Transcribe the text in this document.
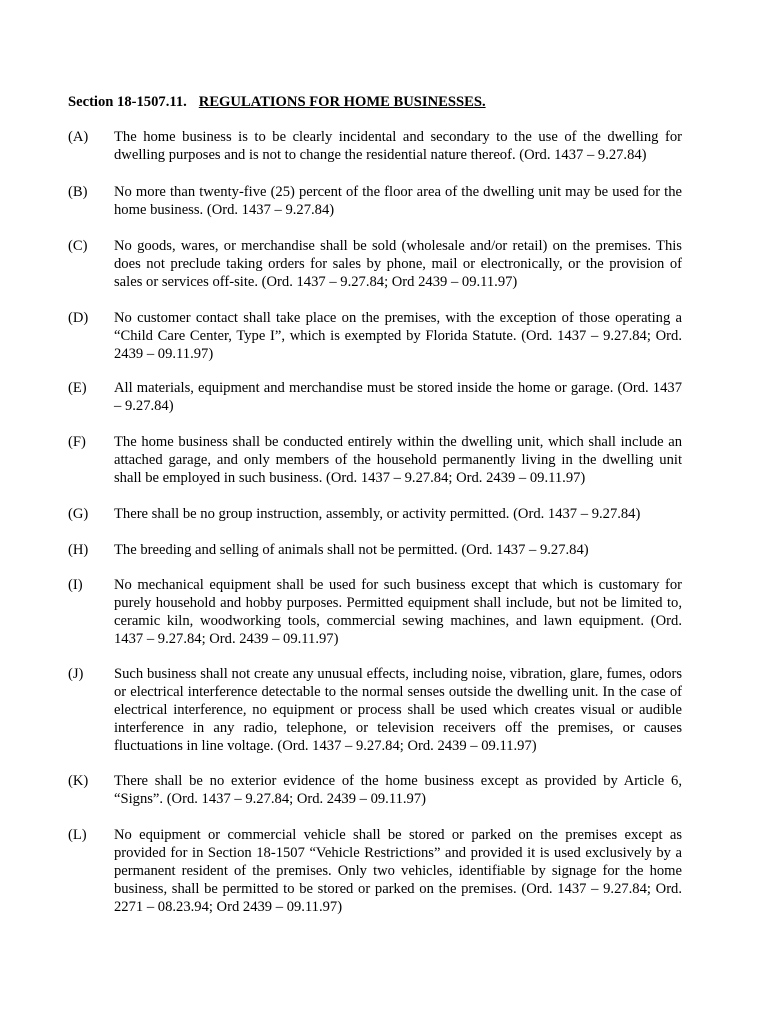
Section 18-1507.11. REGULATIONS FOR HOME BUSINESSES.
(A)	The home business is to be clearly incidental and secondary to the use of the dwelling for dwelling purposes and is not to change the residential nature thereof. (Ord. 1437 – 9.27.84)
(B)	No more than twenty-five (25) percent of the floor area of the dwelling unit may be used for the home business. (Ord. 1437 – 9.27.84)
(C)	No goods, wares, or merchandise shall be sold (wholesale and/or retail) on the premises. This does not preclude taking orders for sales by phone, mail or electronically, or the provision of sales or services off-site. (Ord. 1437 – 9.27.84; Ord 2439 – 09.11.97)
(D)	No customer contact shall take place on the premises, with the exception of those operating a “Child Care Center, Type I”, which is exempted by Florida Statute. (Ord. 1437 – 9.27.84; Ord. 2439 – 09.11.97)
(E)	All materials, equipment and merchandise must be stored inside the home or garage. (Ord. 1437 – 9.27.84)
(F)	The home business shall be conducted entirely within the dwelling unit, which shall include an attached garage, and only members of the household permanently living in the dwelling unit shall be employed in such business. (Ord. 1437 – 9.27.84; Ord. 2439 – 09.11.97)
(G)	There shall be no group instruction, assembly, or activity permitted. (Ord. 1437 – 9.27.84)
(H)	The breeding and selling of animals shall not be permitted. (Ord. 1437 – 9.27.84)
(I)	No mechanical equipment shall be used for such business except that which is customary for purely household and hobby purposes. Permitted equipment shall include, but not be limited to, ceramic kiln, woodworking tools, commercial sewing machines, and lawn equipment. (Ord. 1437 – 9.27.84; Ord. 2439 – 09.11.97)
(J)	Such business shall not create any unusual effects, including noise, vibration, glare, fumes, odors or electrical interference detectable to the normal senses outside the dwelling unit. In the case of electrical interference, no equipment or process shall be used which creates visual or audible interference in any radio, telephone, or television receivers off the premises, or causes fluctuations in line voltage. (Ord. 1437 – 9.27.84; Ord. 2439 – 09.11.97)
(K)	There shall be no exterior evidence of the home business except as provided by Article 6, “Signs”. (Ord. 1437 – 9.27.84; Ord. 2439 – 09.11.97)
(L)	No equipment or commercial vehicle shall be stored or parked on the premises except as provided for in Section 18-1507 “Vehicle Restrictions” and provided it is used exclusively by a permanent resident of the premises. Only two vehicles, identifiable by signage for the home business, shall be permitted to be stored or parked on the premises. (Ord. 1437 – 9.27.84; Ord. 2271 – 08.23.94; Ord 2439 – 09.11.97)
